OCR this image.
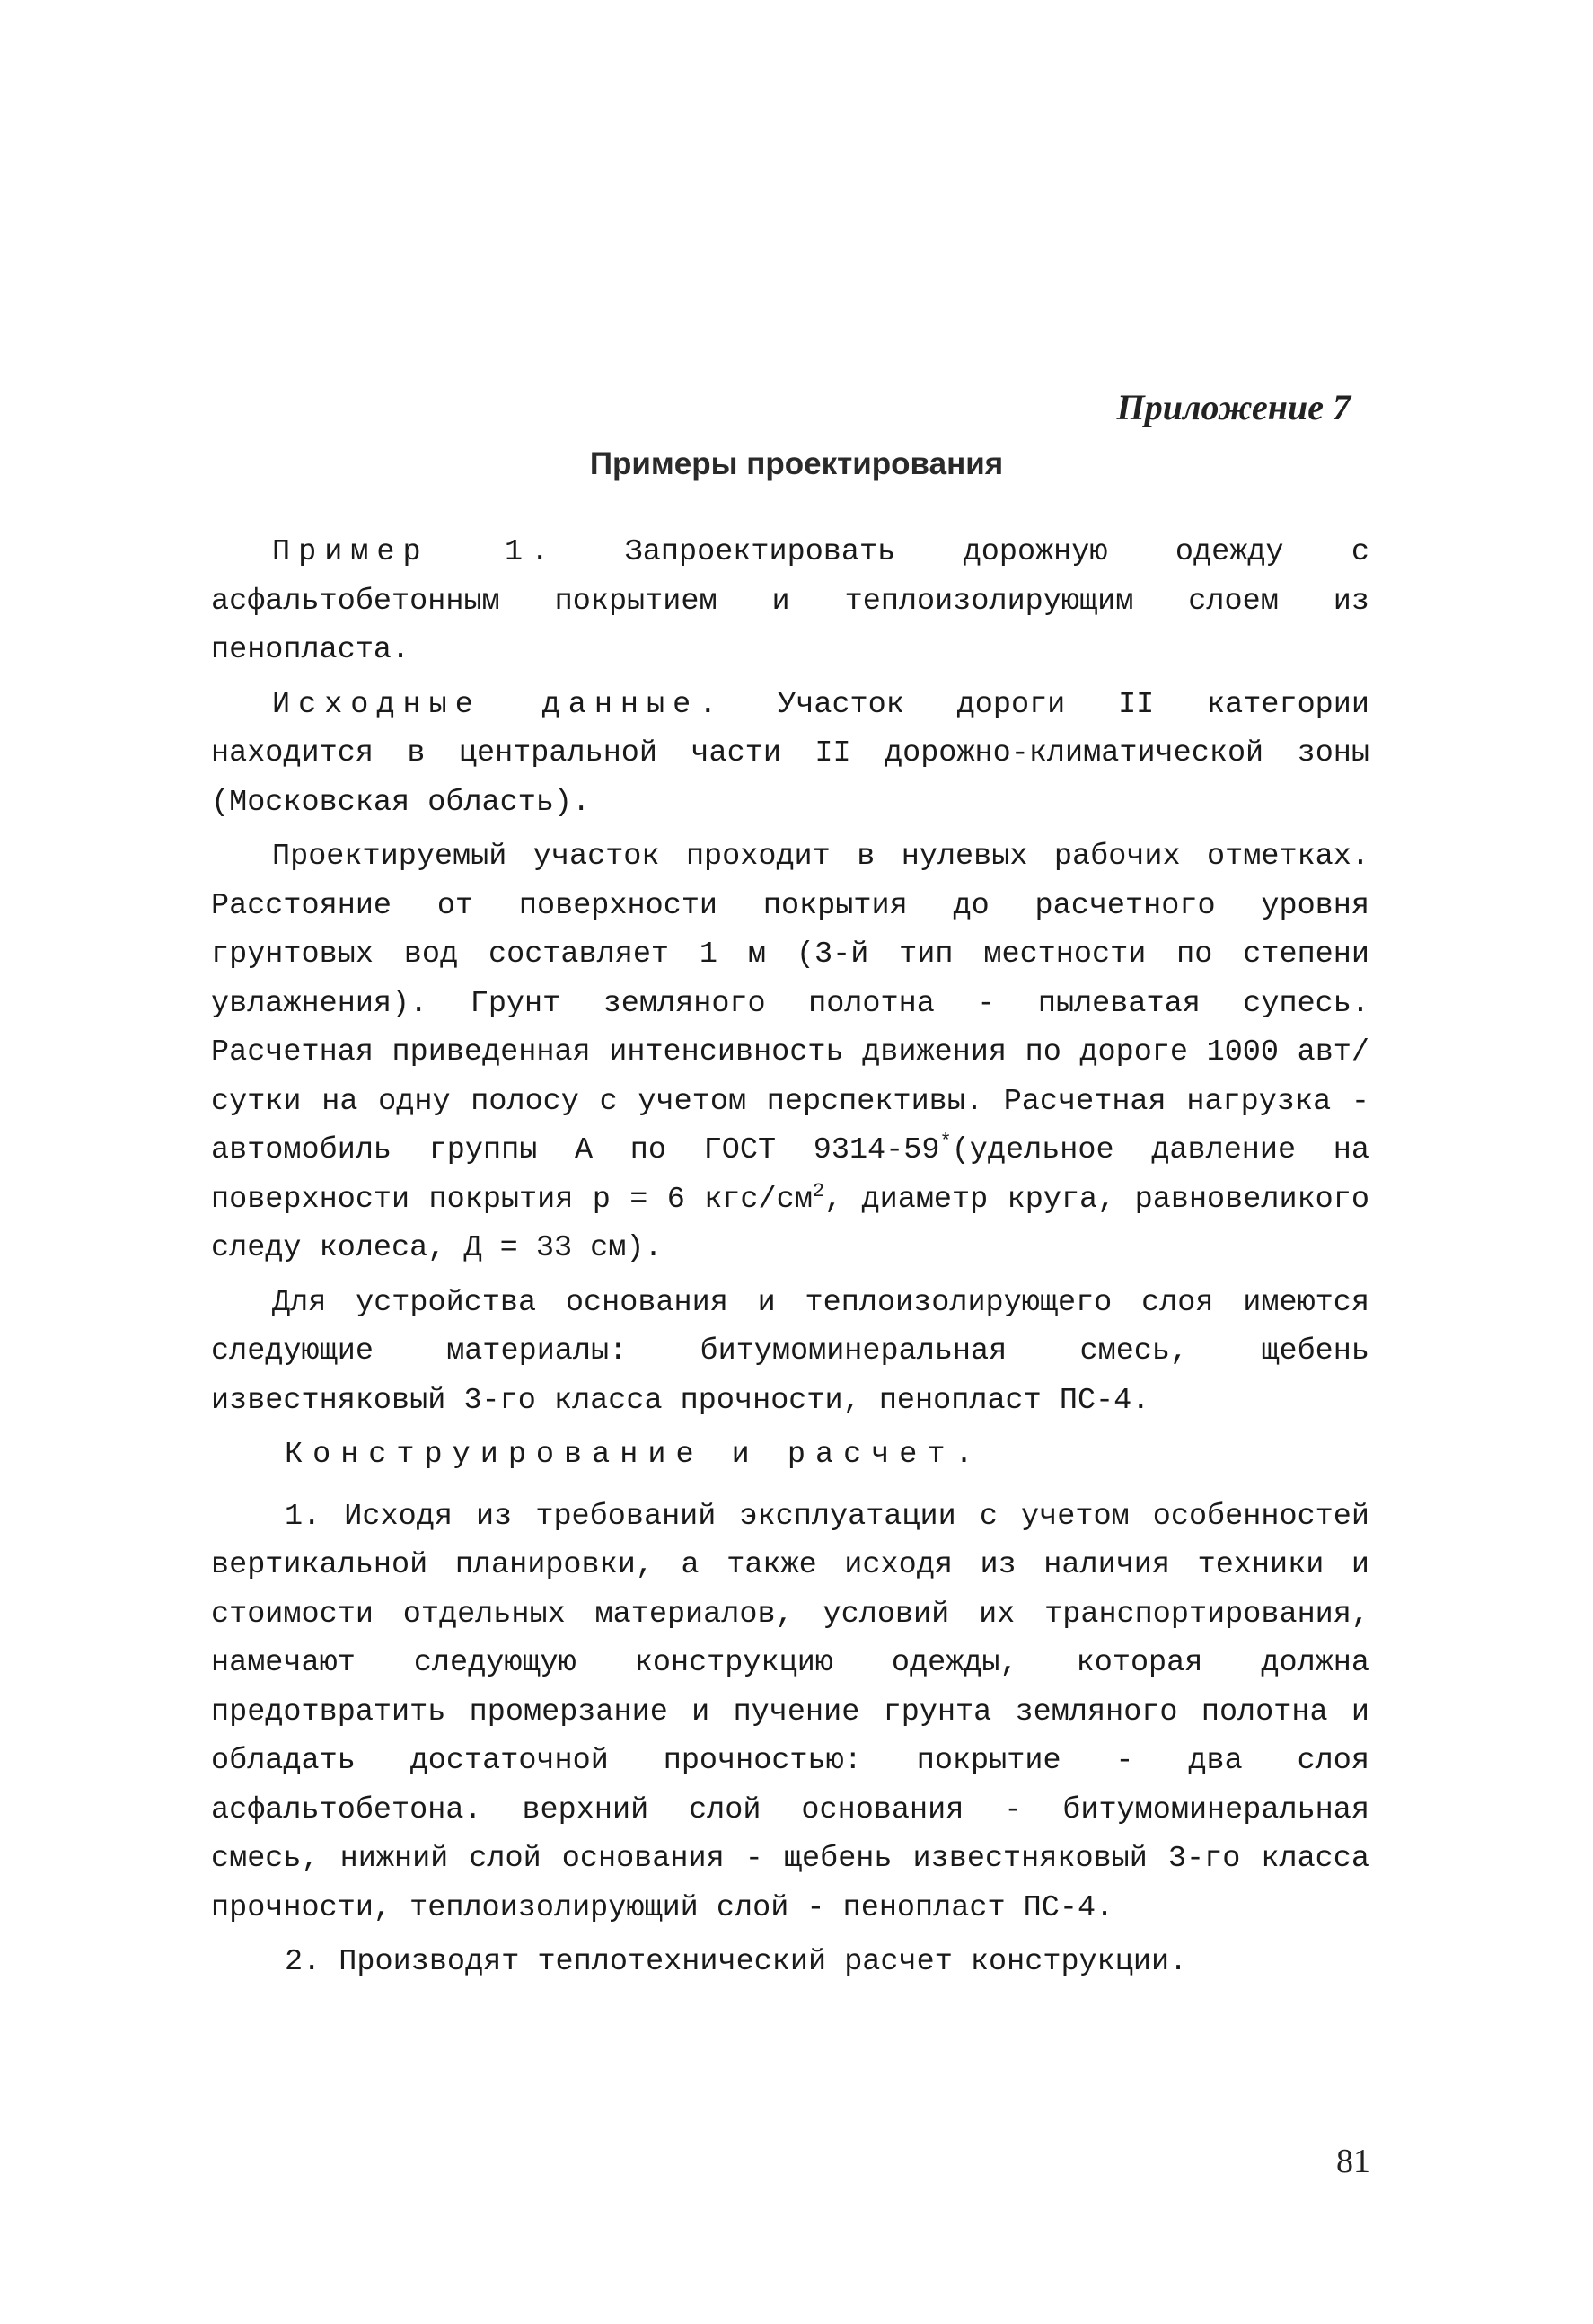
Приложение 7
Примеры проектирования

Пример 1. Запроектировать дорожную одежду с асфальтобетонным покрытием и теплоизолирующим слоем из пенопласта.

Исходные данные. Участок дороги II категории находится в центральной части II дорожно-климатической зоны (Московская область).

Проектируемый участок проходит в нулевых рабочих отметках. Расстояние от поверхности покрытия до расчетного уровня грунтовых вод составляет 1 м (3-й тип местности по степени увлажнения). Грунт земляного полотна - пылеватая супесь. Расчетная приведенная интенсивность движения по дороге 1000 авт/сутки на одну полосу с учетом перспективы. Расчетная нагрузка - автомобиль группы А по ГОСТ 9314-59*(удельное давление на поверхности покрытия р = 6 кгс/$см^2$, диаметр круга, равновеликого следу колеса, Д = 33 см).

Для устройства основания и теплоизолирующего слоя имеются следующие материалы: битумоминеральная смесь, щебень известняковый 3-го класса прочности, пенопласт ПС-4.

Конструирование и расчет.

1. Исходя из требований эксплуатации с учетом особенностей вертикальной планировки, а также исходя из наличия техники и стоимости отдельных материалов, условий их транспортирования, намечают следующую конструкцию одежды, которая должна предотвратить промерзание и пучение грунта земляного полотна и обладать достаточной прочностью: покрытие - два слоя асфальтобетона. верхний слой основания - битумоминеральная смесь, нижний слой основания - щебень известняковый 3-го класса прочности, теплоизолирующий слой - пенопласт ПС-4.

2. Производят теплотехнический расчет конструкции.

81
